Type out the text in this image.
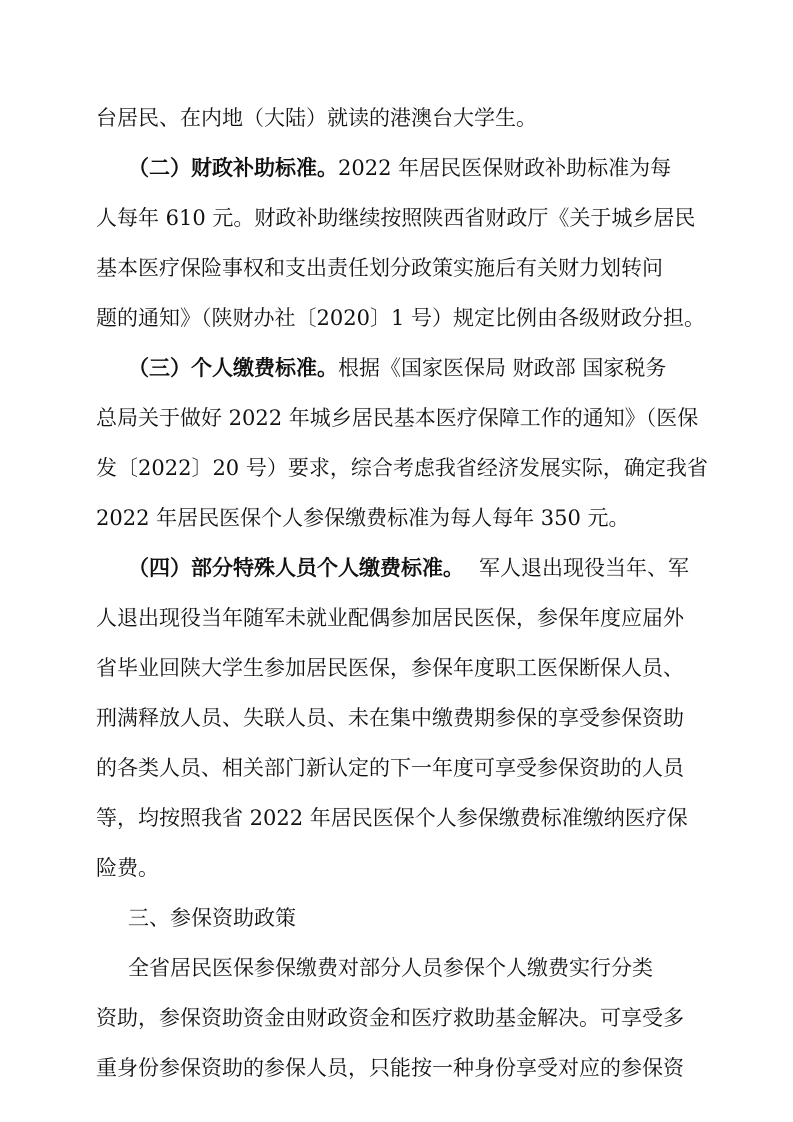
台居民、在内地（大陆）就读的港澳台大学生。
（二）财政补助标准。 2022 年居民医保财政补助标准为每
人每年 610 元。财政补助继续按照陕西省财政厅《关于城乡居民
基本医疗保险事权和支出责任划分政策实施后有关财力划转问
题的通知》（陕财办社〔2020〕1 号）规定比例由各级财政分担。
（三）个人缴费标准。 根据《国家医保局 财政部 国家税务
总局关于做好 2022 年城乡居民基本医疗保障工作的通知》（医保
发〔2022〕20 号）要求，综合考虑我省经济发展实际，确定我省
2022 年居民医保个人参保缴费标准为每人每年 350 元。
（四）部分特殊人员个人缴费标准。 军人退出现役当年、军
人退出现役当年随军未就业配偶参加居民医保，参保年度应届外
省毕业回陕大学生参加居民医保，参保年度职工医保断保人员、
刑满释放人员、失联人员、未在集中缴费期参保的享受参保资助
的各类人员、相关部门新认定的下一年度可享受参保资助的人员
等，均按照我省 2022 年居民医保个人参保缴费标准缴纳医疗保
险费。
三、参保资助政策
全省居民医保参保缴费对部分人员参保个人缴费实行分类
资助，参保资助资金由财政资金和医疗救助基金解决。可享受多
重身份参保资助的参保人员，只能按一种身份享受对应的参保资
